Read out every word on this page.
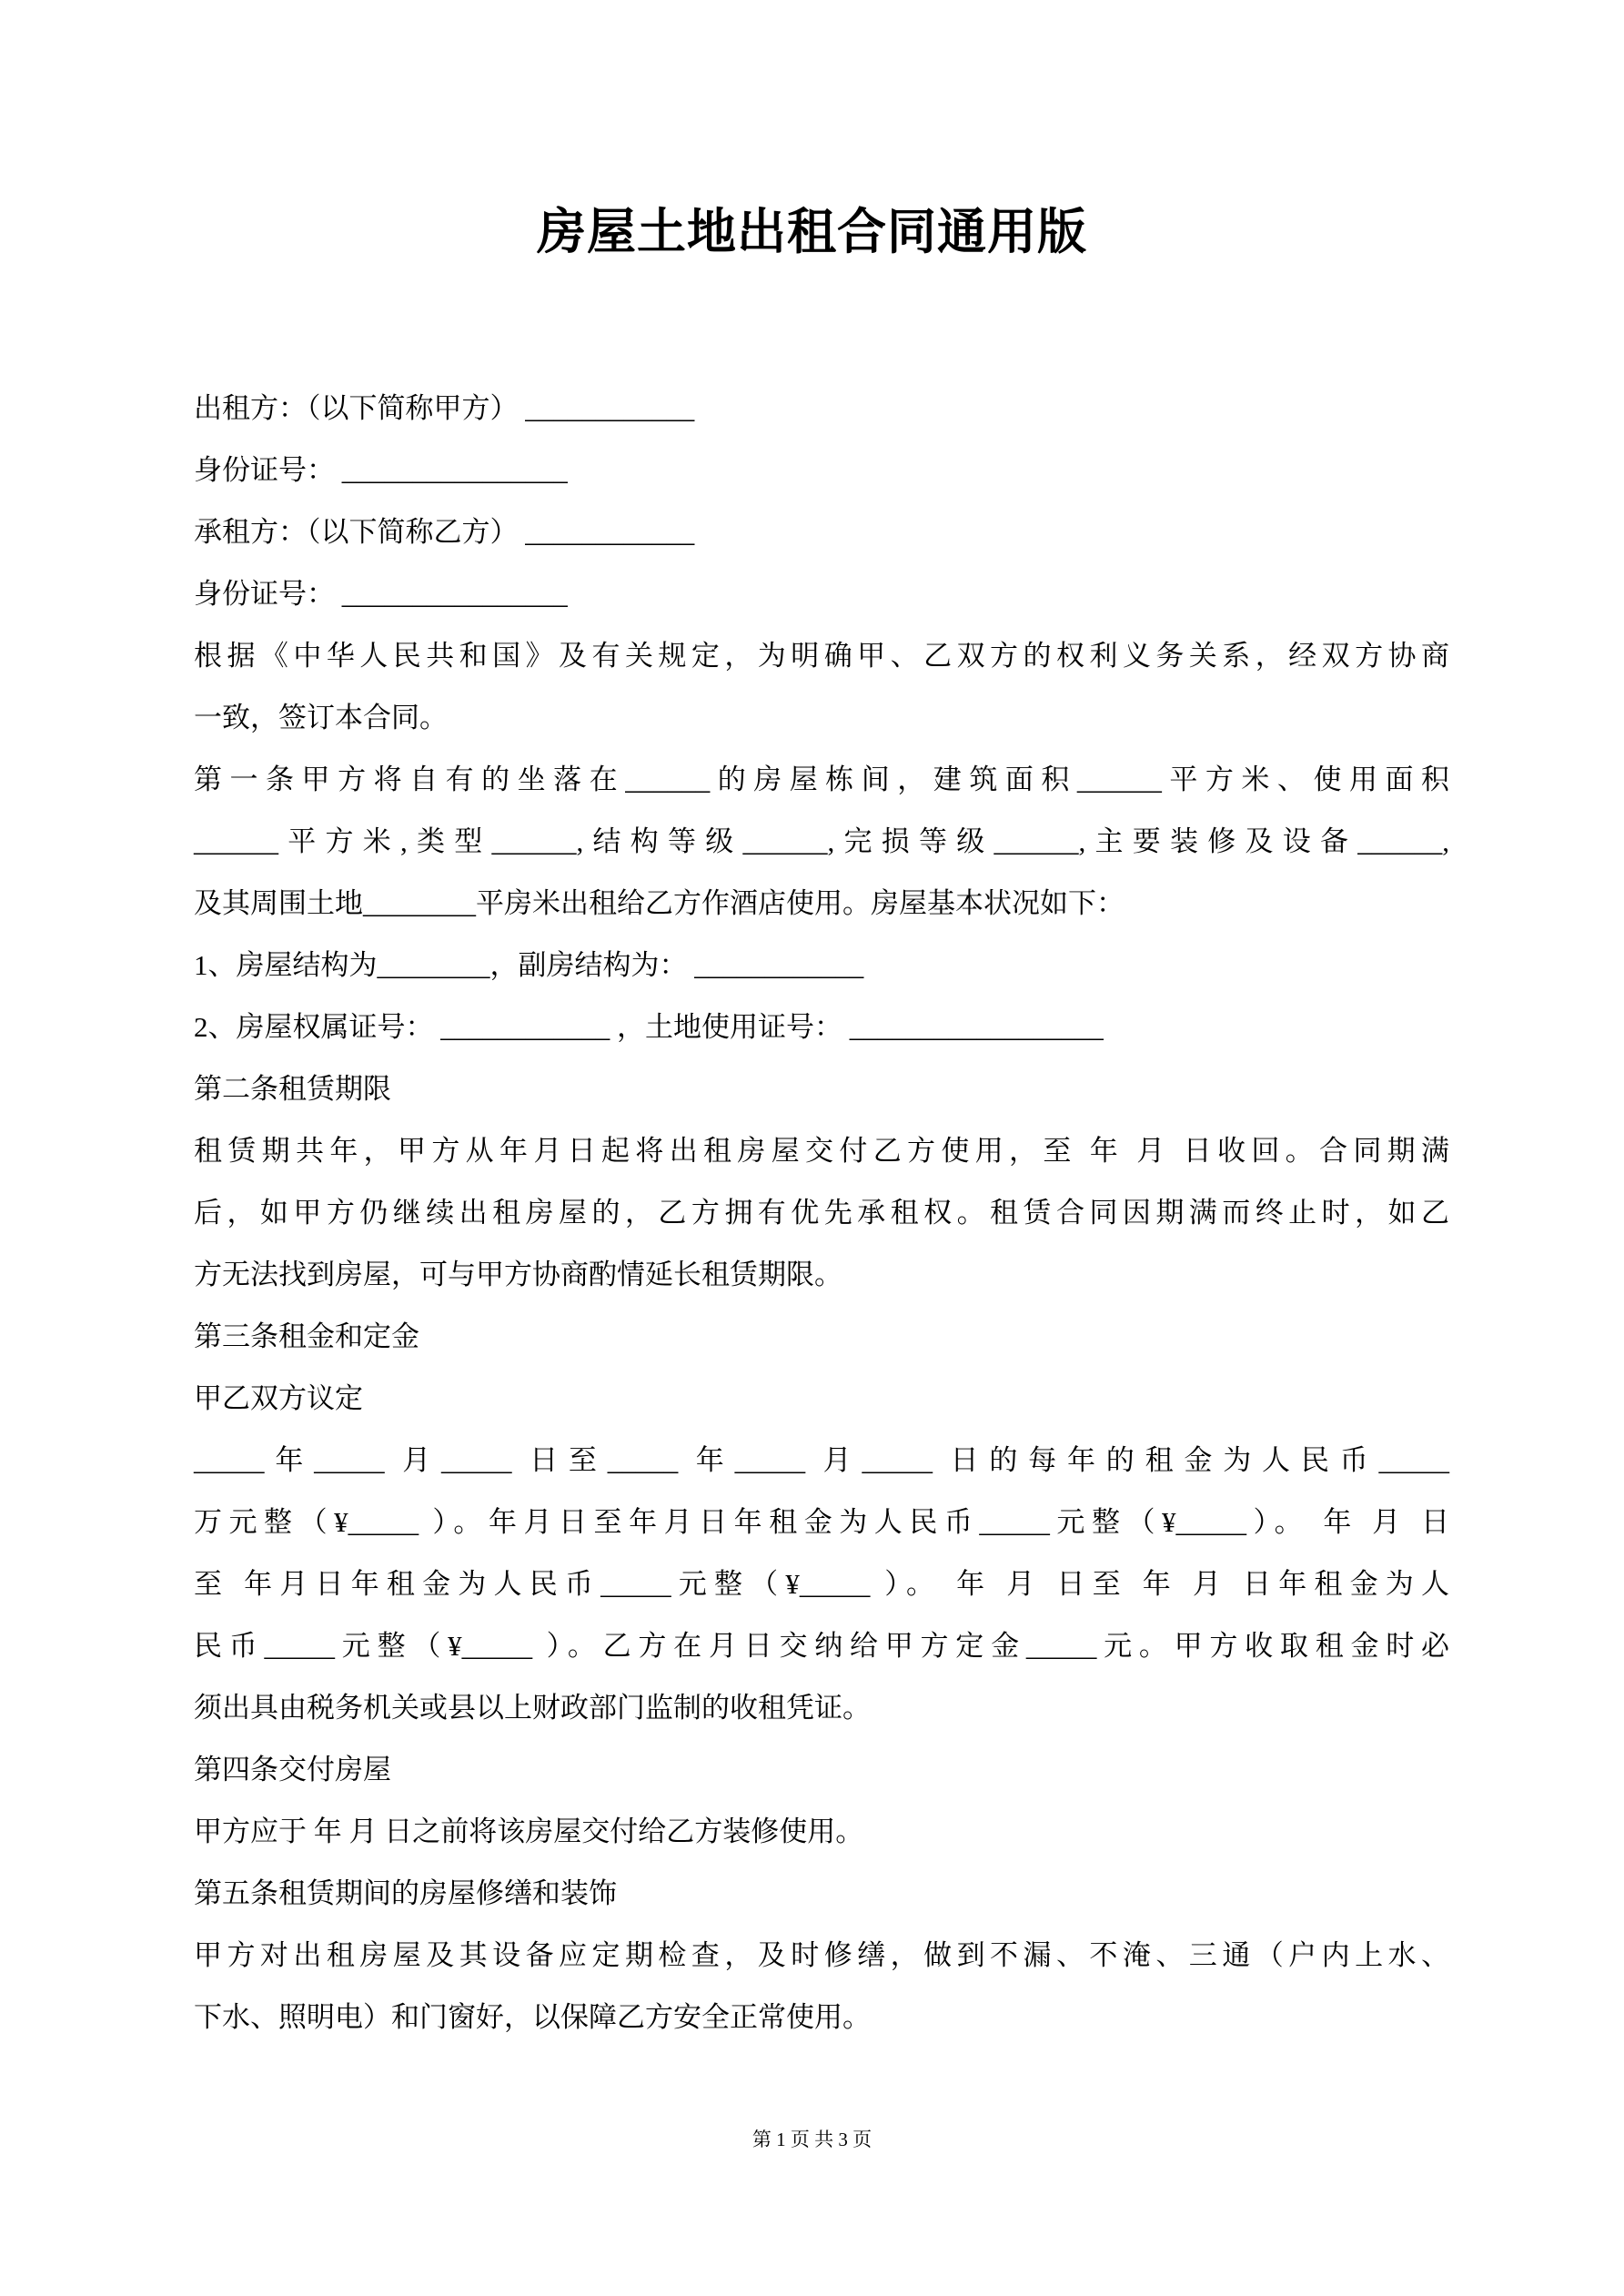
房屋土地出租合同通用版
出租方：（以下简称甲方） ____________
身份证号： ________________
承租方：（以下简称乙方） ____________
身份证号： ________________
根据《中华人民共和国》及有关规定，为明确甲、乙双方的权利义务关系，经双方协商
一致，签订本合同。
第一条甲方将自有的坐落在______的房屋栋间，建筑面积______平方米、使用面积
______平方米,类型______,结构等级______,完损等级______,主要装修及设备______,
及其周围土地________平房米出租给乙方作酒店使用。房屋基本状况如下：
1、房屋结构为________，副房结构为： ____________
2、房屋权属证号： ____________ ，土地使用证号： __________________
第二条租赁期限
租赁期共年，甲方从年月日起将出租房屋交付乙方使用，至 年 月 日收回。合同期满
后，如甲方仍继续出租房屋的，乙方拥有优先承租权。租赁合同因期满而终止时，如乙
方无法找到房屋，可与甲方协商酌情延长租赁期限。
第三条租金和定金
甲乙双方议定
_____年_____ 月_____ 日至_____ 年_____ 月_____ 日的每年的租金为人民币_____
万元整（¥_____ ）。年月日至年月日年租金为人民币_____元整（¥_____）。 年 月 日
至 年月日年租金为人民币_____元整（¥_____ ）。 年 月 日至 年 月 日年租金为人
民币_____元整（¥_____ ）。乙方在月日交纳给甲方定金_____元。甲方收取租金时必
须出具由税务机关或县以上财政部门监制的收租凭证。
第四条交付房屋
甲方应于 年 月 日之前将该房屋交付给乙方装修使用。
第五条租赁期间的房屋修缮和装饰
甲方对出租房屋及其设备应定期检查，及时修缮，做到不漏、不淹、三通（户内上水、
下水、照明电）和门窗好，以保障乙方安全正常使用。
第 1 页 共 3 页
